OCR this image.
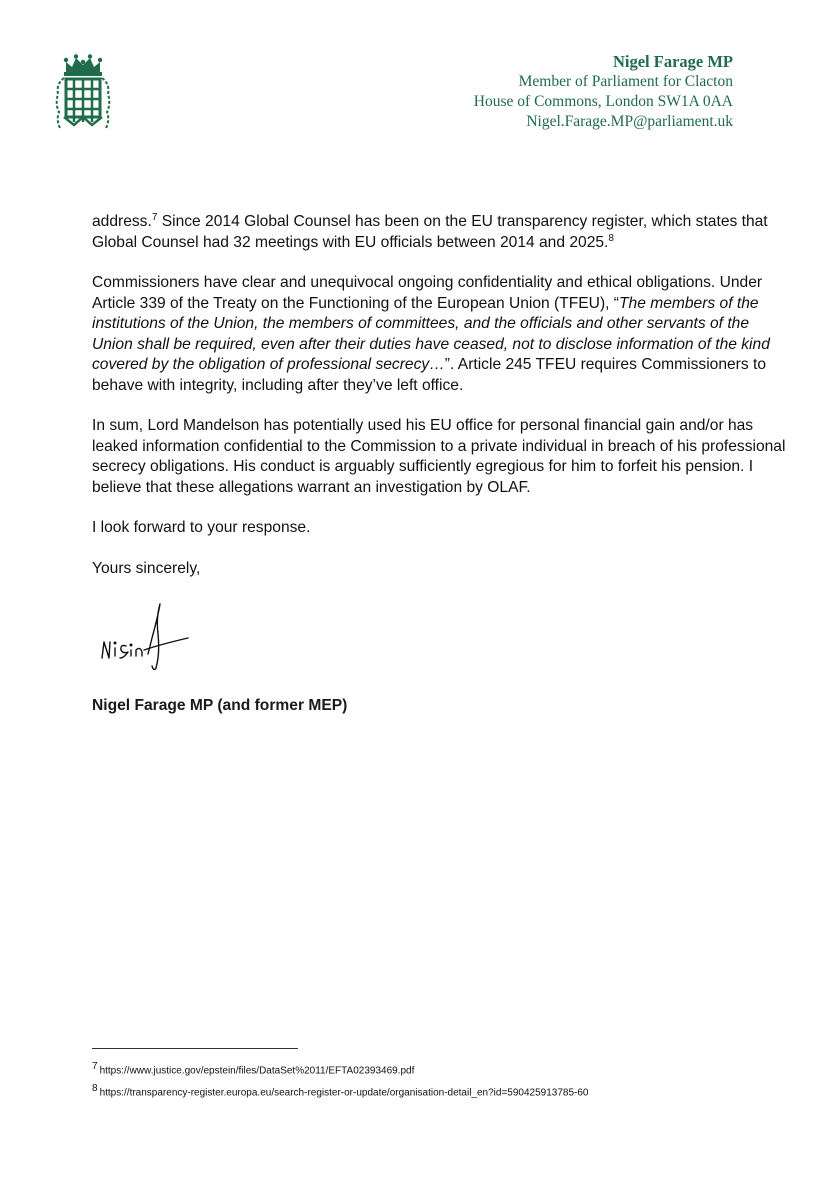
Nigel Farage MP
Member of Parliament for Clacton
House of Commons, London SW1A 0AA
Nigel.Farage.MP@parliament.uk

address.$^7$ Since 2014 Global Counsel has been on the EU transparency register, which states that Global Counsel had 32 meetings with EU officials between 2014 and 2025.$^8$

Commissioners have clear and unequivocal ongoing confidentiality and ethical obligations. Under Article 339 of the Treaty on the Functioning of the European Union (TFEU), “The members of the institutions of the Union, the members of committees, and the officials and other servants of the Union shall be required, even after their duties have ceased, not to disclose information of the kind covered by the obligation of professional secrecy…”. Article 245 TFEU requires Commissioners to behave with integrity, including after they’ve left office.

In sum, Lord Mandelson has potentially used his EU office for personal financial gain and/or has leaked information confidential to the Commission to a private individual in breach of his professional secrecy obligations. His conduct is arguably sufficiently egregious for him to forfeit his pension. I believe that these allegations warrant an investigation by OLAF.

I look forward to your response.

Yours sincerely,

Nigel Farage MP (and former MEP)
$^7$ https://www.justice.gov/epstein/files/DataSet%2011/EFTA02393469.pdf
$^8$ https://transparency-register.europa.eu/search-register-or-update/organisation-detail_en?id=590425913785-60
